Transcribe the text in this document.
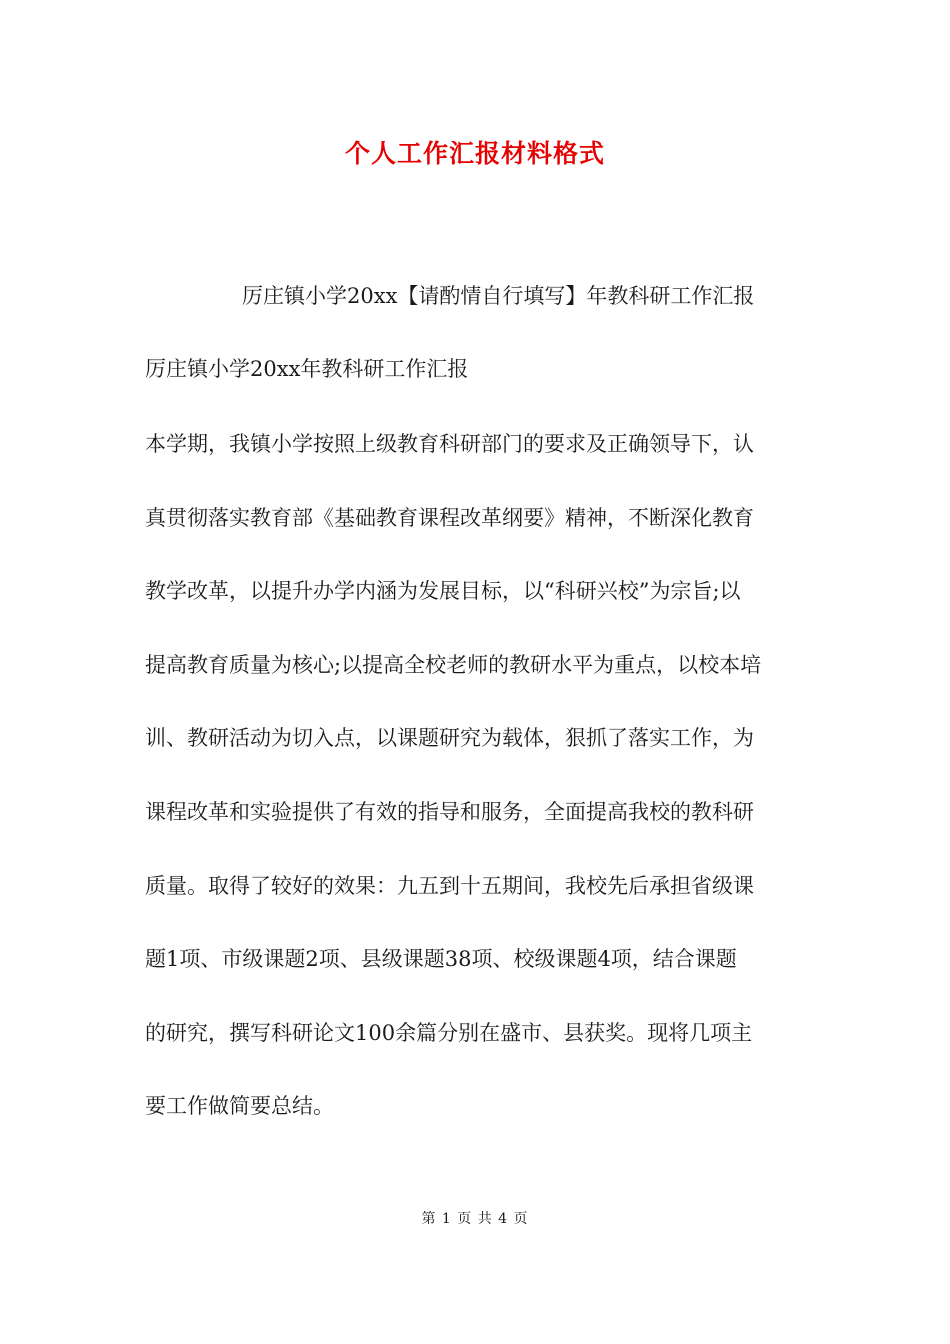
个人工作汇报材料格式
厉庄镇小学20xx【请酌情自行填写】年教科研工作汇报
厉庄镇小学20xx年教科研工作汇报
本学期，我镇小学按照上级教育科研部门的要求及正确领导下，认
真贯彻落实教育部《基础教育课程改革纲要》精神，不断深化教育
教学改革，以提升办学内涵为发展目标，以“科研兴校”为宗旨;以
提高教育质量为核心;以提高全校老师的教研水平为重点，以校本培
训、教研活动为切入点，以课题研究为载体，狠抓了落实工作，为
课程改革和实验提供了有效的指导和服务，全面提高我校的教科研
质量。取得了较好的效果：九五到十五期间，我校先后承担省级课
题1项、市级课题2项、县级课题38项、校级课题4项，结合课题
的研究，撰写科研论文100余篇分别在盛市、县获奖。现将几项主
要工作做简要总结。
第 1 页 共 4 页
